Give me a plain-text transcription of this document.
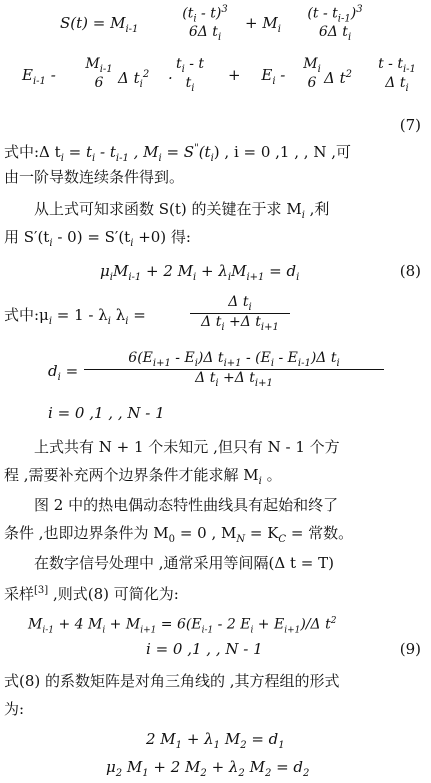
$S(t) = M_{i-1}$
$(t_i - t)^3$
6Δ $t_i$
+ $M_i$
$(t - t_{i-1})^3$
6Δ $t_i$
$E_{i-1}$ -
$M_{i-1}$
6 Δ $t_i^2$ ·
$t_i$ - t
$t_i$
+ $E_i$ -
$M_i$
6 Δ $t^2$
t - $t_{i-1}$
Δ $t_i$
(7)
式中:Δ $t_i = t_i - t_{i-1}$ , $M_i = S^"(t_i)$ , i = 0 ,1 , , N ,可
由一阶导数连续条件得到。
从上式可知求函数 S(t) 的关键在于求 $M_i$ ,利
用 $S'(t_i - 0) = S'(t_i +0)$ 得:
$\mu_iM_{i-1} + 2$ $M_i + \lambda_iM_{i+1} = d_i$	(8)
式中$:\mu_i = 1 - \lambda_i$ $\lambda_i$ =	$\frac{\Delta t_i}{\Delta t_i +\Delta t_{i+1}}$
$d_i = \frac{6(E_{i+1} - E_i)\Delta t_{i+1} - (E_i - E_{i-1})\Delta t_i}{\Delta t_i +\Delta t_{i+1}}$
i = 0 ,1 , , N - 1
上式共有 N + 1 个未知元 ,但只有 N - 1 个方
程 ,需要补充两个边界条件才能求解 $M_i$ 。
图 2 中的热电偶动态特性曲线具有起始和终了
条件 ,也即边界条件为 $M_0 = 0$ , $M_N = K_C$ = 常数。
在数字信号处理中 ,通常采用等间隔(Δ t = T)
采样[3] ,则式(8) 可简化为:
$M_{i-1} + 4$ $M_i + M_{i+1} = 6(E_{i-1} - 2$ $E_i + E_{i+1})/\Delta$ $t^2$
i = 0 ,1 , , N - 1	(9)
式(8) 的系数矩阵是对角三角线的 ,其方程组的形式
为:
2 $M_1 + \lambda_1$ $M_2 = d_1$
$\mu_2$ $M_1 + 2$ $M_2 + \lambda_2$ $M_2 = d_2$
